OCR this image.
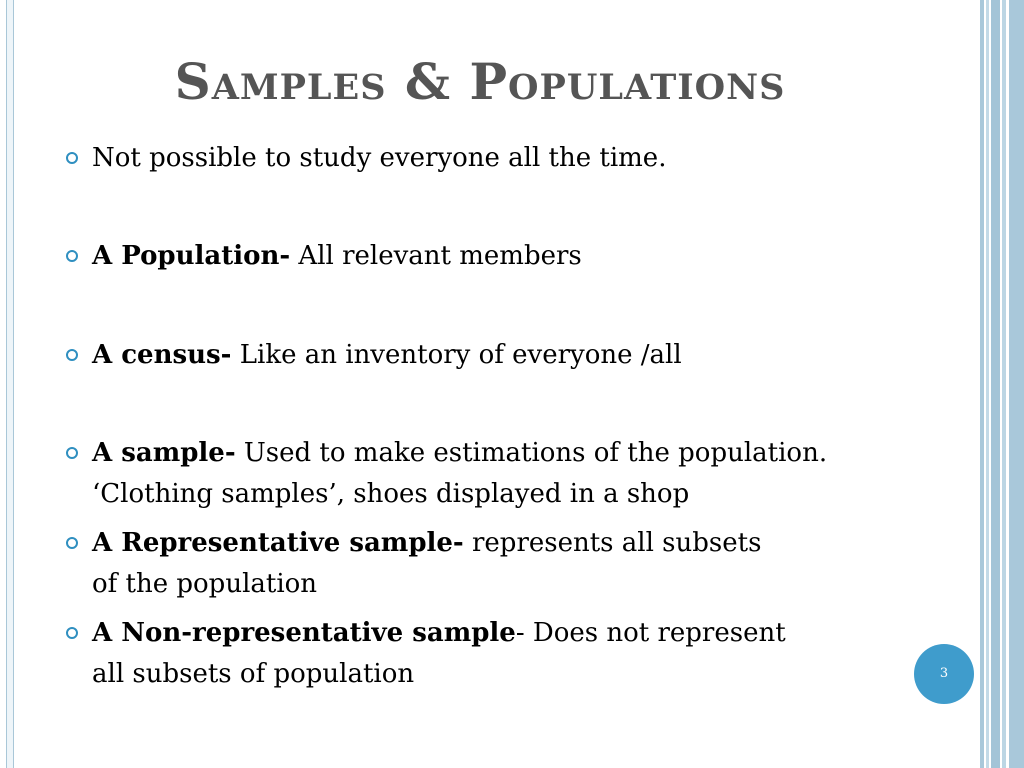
Samples & Populations
Not possible to study everyone all the time.
A Population- All relevant members
A census- Like an inventory of everyone /all
A sample- Used to make estimations of the population. ‘Clothing samples’, shoes displayed in a shop
A Representative sample- represents all subsets of the population
A Non-representative sample- Does not represent all subsets of population	3
